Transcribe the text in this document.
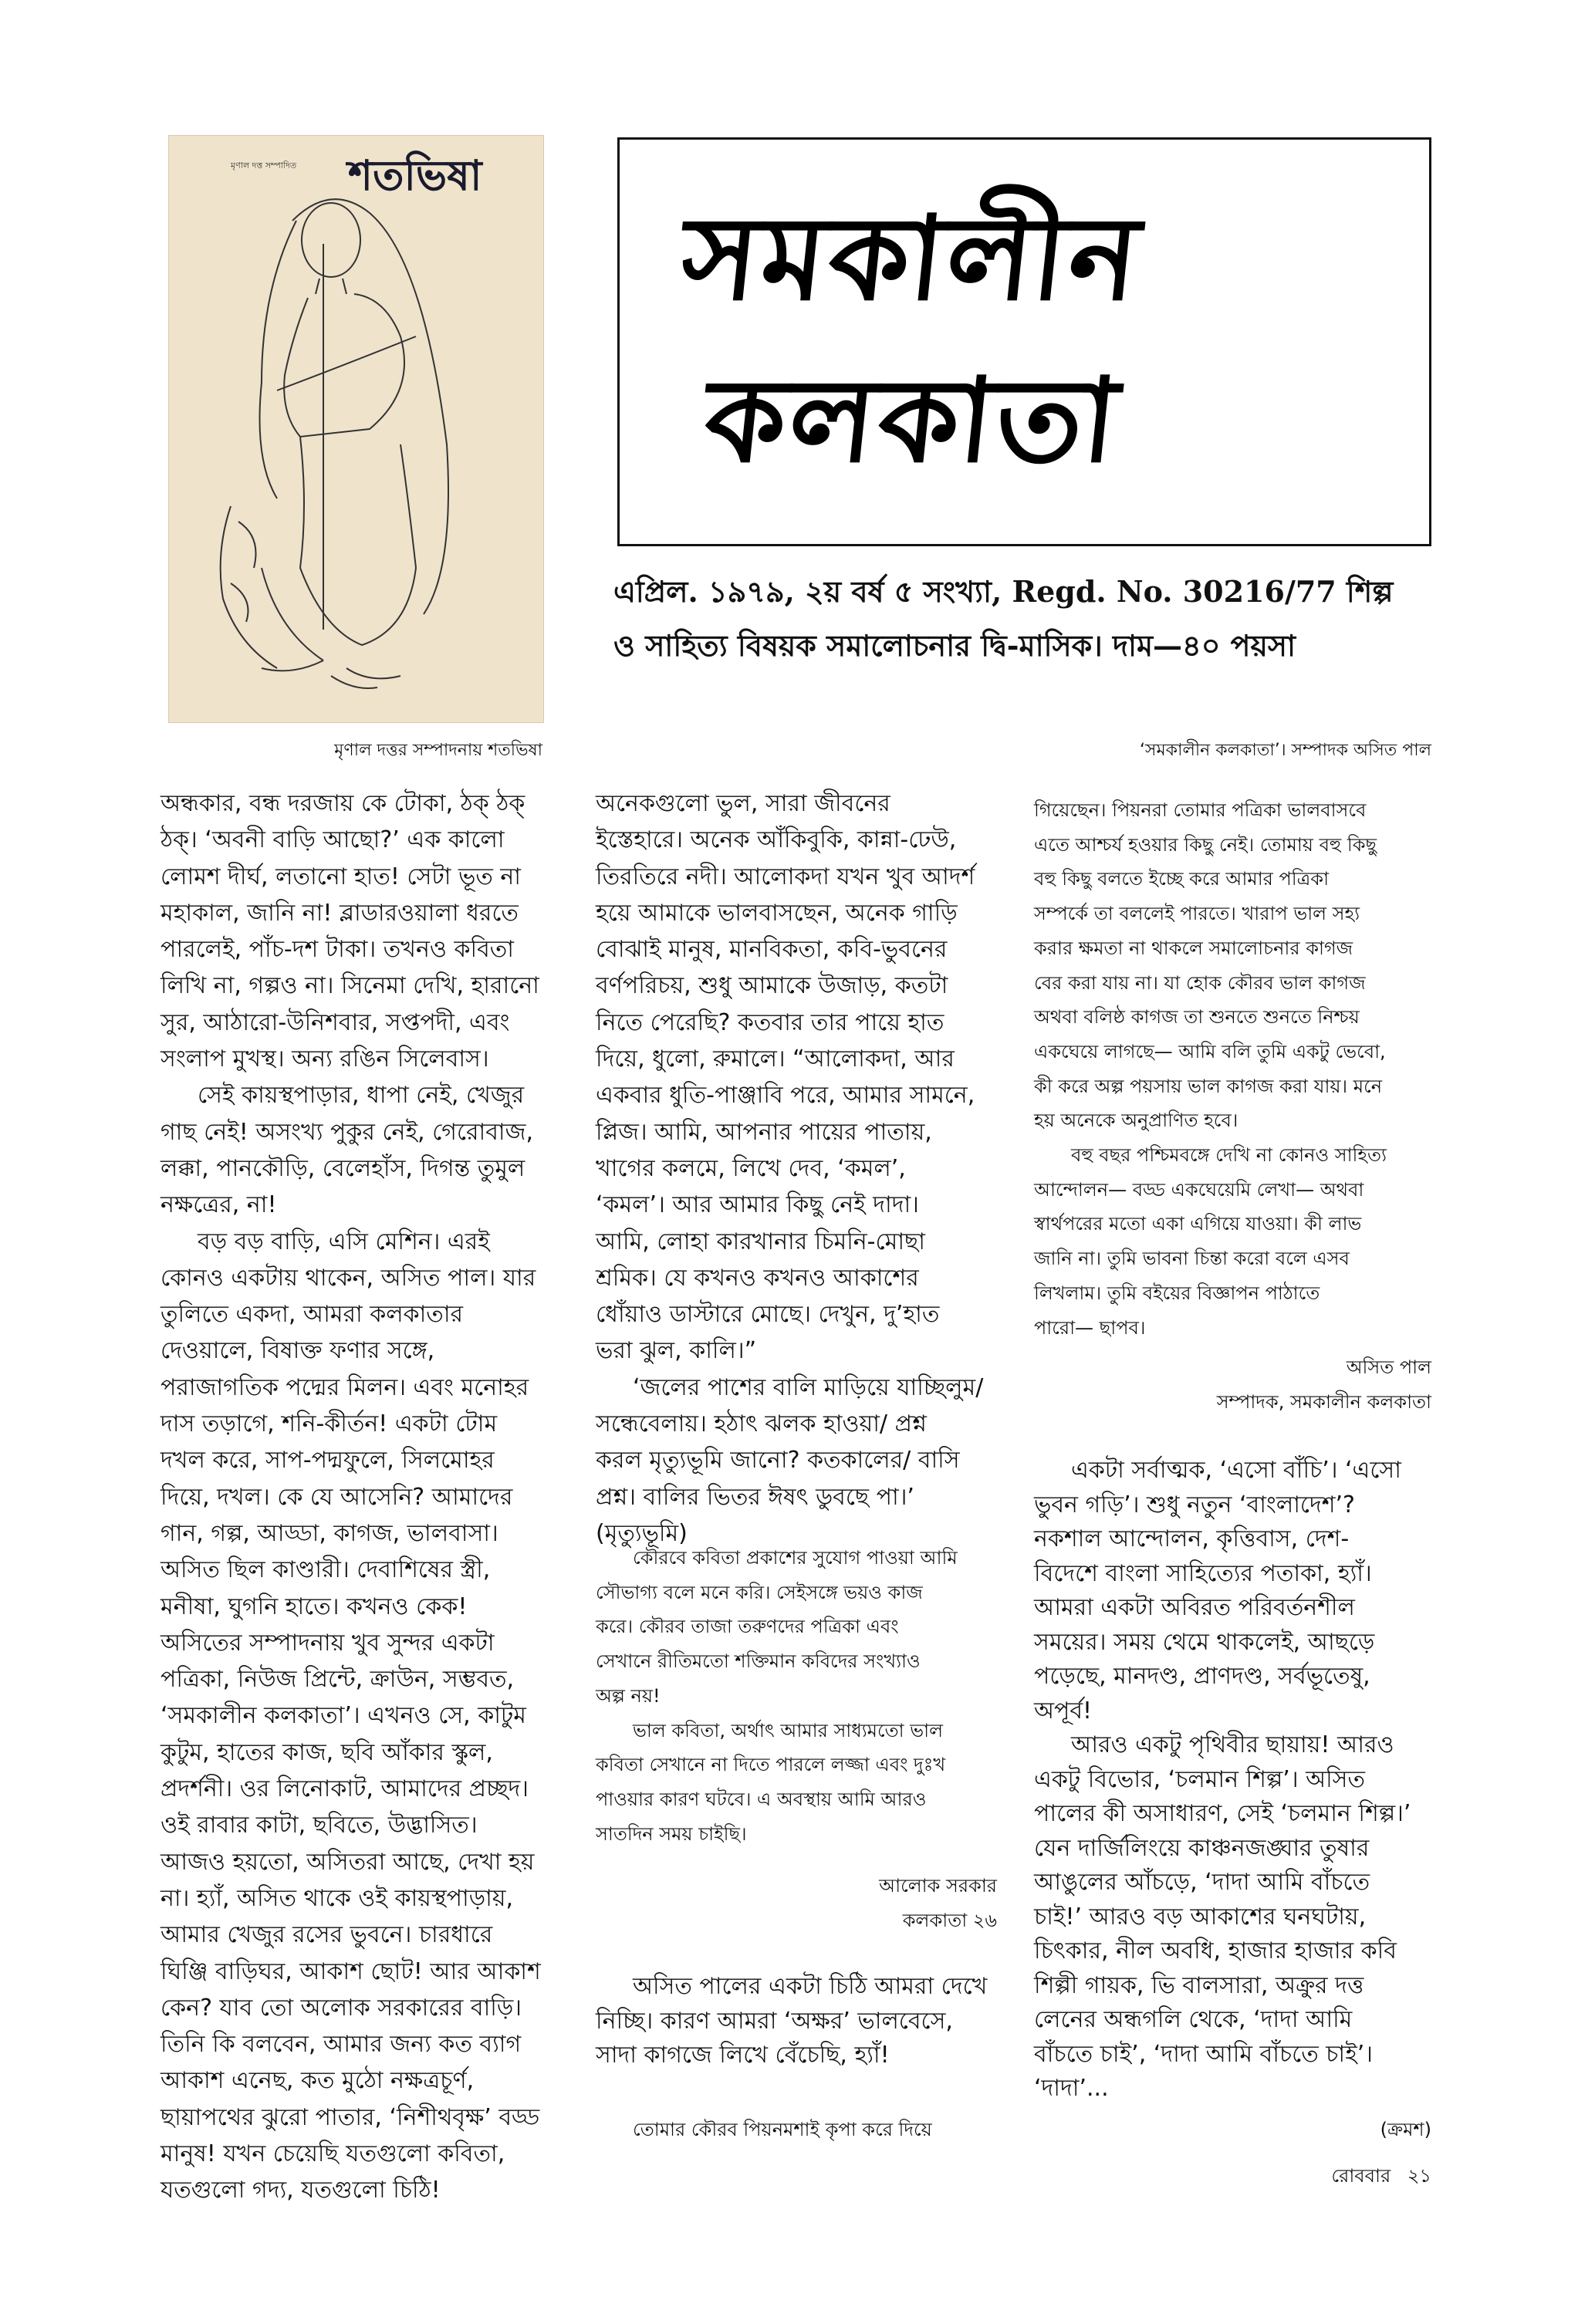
মৃণাল দত্ত সম্পাদিত শতভিষা
মৃণাল দত্তর সম্পাদনায় শতভিষা
সমকালীন
কলকাতা
এপ্রিল. ১৯৭৯, ২য় বর্ষ ৫ সংখ্যা, Regd. No. 30216/77 শিল্প
ও সাহিত্য বিষয়ক সমালোচনার দ্বি-মাসিক। দাম—৪০ পয়সা
‘সমকালীন কলকাতা’। সম্পাদক অসিত পাল
অন্ধকার, বন্ধ দরজায় কে টোকা, ঠক্ ঠক্
ঠক্। ‘অবনী বাড়ি আছো?’ এক কালো
লোমশ দীর্ঘ, লতানো হাত! সেটা ভূত না
মহাকাল, জানি না! ব্লাডারওয়ালা ধরতে
পারলেই, পাঁচ-দশ টাকা। তখনও কবিতা
লিখি না, গল্পও না। সিনেমা দেখি, হারানো
সুর, আঠারো-উনিশবার, সপ্তপদী, এবং
সংলাপ মুখস্থ। অন্য রঙিন সিলেবাস।
সেই কায়স্থপাড়ার, ধাপা নেই, খেজুর
গাছ নেই! অসংখ্য পুকুর নেই, গেরোবাজ,
লক্কা, পানকৌড়ি, বেলেহাঁস, দিগন্ত তুমুল
নক্ষত্রের, না!
বড় বড় বাড়ি, এসি মেশিন। এরই
কোনও একটায় থাকেন, অসিত পাল। যার
তুলিতে একদা, আমরা কলকাতার
দেওয়ালে, বিষাক্ত ফণার সঙ্গে,
পরাজাগতিক পদ্মের মিলন। এবং মনোহর
দাস তড়াগে, শনি-কীর্তন! একটা টোম
দখল করে, সাপ-পদ্মফুলে, সিলমোহর
দিয়ে, দখল। কে যে আসেনি? আমাদের
গান, গল্প, আড্ডা, কাগজ, ভালবাসা।
অসিত ছিল কাণ্ডারী। দেবাশিষের স্ত্রী,
মনীষা, ঘুগনি হাতে। কখনও কেক!
অসিতের সম্পাদনায় খুব সুন্দর একটা
পত্রিকা, নিউজ প্রিন্টে, ক্রাউন, সম্ভবত,
‘সমকালীন কলকাতা’। এখনও সে, কাটুম
কুটুম, হাতের কাজ, ছবি আঁকার স্কুল,
প্রদর্শনী। ওর লিনোকাট, আমাদের প্রচ্ছদ।
ওই রাবার কাটা, ছবিতে, উদ্ভাসিত।
আজও হয়তো, অসিতরা আছে, দেখা হয়
না। হ্যাঁ, অসিত থাকে ওই কায়স্থপাড়ায়,
আমার খেজুর রসের ভুবনে। চারধারে
ঘিঞ্জি বাড়িঘর, আকাশ ছোট! আর আকাশ
কেন? যাব তো অলোক সরকারের বাড়ি।
তিনি কি বলবেন, আমার জন্য কত ব্যাগ
আকাশ এনেছ, কত মুঠো নক্ষত্রচূর্ণ,
ছায়াপথের ঝুরো পাতার, ‘নিশীথবৃক্ষ’ বড্ড
মানুষ! যখন চেয়েছি যতগুলো কবিতা,
যতগুলো গদ্য, যতগুলো চিঠি!
অনেকগুলো ভুল, সারা জীবনের
ইস্তেহারে। অনেক আঁকিবুকি, কান্না-ঢেউ,
তিরতিরে নদী। আলোকদা যখন খুব আদর্শ
হয়ে আমাকে ভালবাসছেন, অনেক গাড়ি
বোঝাই মানুষ, মানবিকতা, কবি-ভুবনের
বর্ণপরিচয়, শুধু আমাকে উজাড়, কতটা
নিতে পেরেছি? কতবার তার পায়ে হাত
দিয়ে, ধুলো, রুমালে। “আলোকদা, আর
একবার ধুতি-পাঞ্জাবি পরে, আমার সামনে,
প্লিজ। আমি, আপনার পায়ের পাতায়,
খাগের কলমে, লিখে দেব, ‘কমল’,
‘কমল’। আর আমার কিছু নেই দাদা।
আমি, লোহা কারখানার চিমনি-মোছা
শ্রমিক। যে কখনও কখনও আকাশের
ধোঁয়াও ডাস্টারে মোছে। দেখুন, দু’হাত
ভরা ঝুল, কালি।”
‘জলের পাশের বালি মাড়িয়ে যাচ্ছিলুম/
সন্ধেবেলায়। হঠাৎ ঝলক হাওয়া/ প্রশ্ন
করল মৃত্যুভূমি জানো? কতকালের/ বাসি
প্রশ্ন। বালির ভিতর ঈষৎ ডুবছে পা।’
(মৃত্যুভূমি)
কৌরবে কবিতা প্রকাশের সুযোগ পাওয়া আমি
সৌভাগ্য বলে মনে করি। সেইসঙ্গে ভয়ও কাজ
করে। কৌরব তাজা তরুণদের পত্রিকা এবং
সেখানে রীতিমতো শক্তিমান কবিদের সংখ্যাও
অল্প নয়!
ভাল কবিতা, অর্থাৎ আমার সাধ্যমতো ভাল
কবিতা সেখানে না দিতে পারলে লজ্জা এবং দুঃখ
পাওয়ার কারণ ঘটবে। এ অবস্থায় আমি আরও
সাতদিন সময় চাইছি।
আলোক সরকার
কলকাতা ২৬
অসিত পালের একটা চিঠি আমরা দেখে
নিচ্ছি। কারণ আমরা ‘অক্ষর’ ভালবেসে,
সাদা কাগজে লিখে বেঁচেছি, হ্যাঁ!
তোমার কৌরব পিয়নমশাই কৃপা করে দিয়ে
গিয়েছেন। পিয়নরা তোমার পত্রিকা ভালবাসবে
এতে আশ্চর্য হওয়ার কিছু নেই। তোমায় বহু কিছু
বহু কিছু বলতে ইচ্ছে করে আমার পত্রিকা
সম্পর্কে তা বললেই পারতে। খারাপ ভাল সহ্য
করার ক্ষমতা না থাকলে সমালোচনার কাগজ
বের করা যায় না। যা হোক কৌরব ভাল কাগজ
অথবা বলিষ্ঠ কাগজ তা শুনতে শুনতে নিশ্চয়
একঘেয়ে লাগছে— আমি বলি তুমি একটু ভেবো,
কী করে অল্প পয়সায় ভাল কাগজ করা যায়। মনে
হয় অনেকে অনুপ্রাণিত হবে।
বহু বছর পশ্চিমবঙ্গে দেখি না কোনও সাহিত্য
আন্দোলন— বড্ড একঘেয়েমি লেখা— অথবা
স্বার্থপরের মতো একা এগিয়ে যাওয়া। কী লাভ
জানি না। তুমি ভাবনা চিন্তা করো বলে এসব
লিখলাম। তুমি বইয়ের বিজ্ঞাপন পাঠাতে
পারো— ছাপব।
অসিত পাল
সম্পাদক, সমকালীন কলকাতা
একটা সর্বাত্মক, ‘এসো বাঁচি’। ‘এসো
ভুবন গড়ি’। শুধু নতুন ‘বাংলাদেশ’?
নকশাল আন্দোলন, কৃত্তিবাস, দেশ-
বিদেশে বাংলা সাহিত্যের পতাকা, হ্যাঁ।
আমরা একটা অবিরত পরিবর্তনশীল
সময়ের। সময় থেমে থাকলেই, আছড়ে
পড়েছে, মানদণ্ড, প্রাণদণ্ড, সর্বভূতেষু,
অপূর্ব!
আরও একটু পৃথিবীর ছায়ায়! আরও
একটু বিভোর, ‘চলমান শিল্প’। অসিত
পালের কী অসাধারণ, সেই ‘চলমান শিল্প।’
যেন দার্জিলিংয়ে কাঞ্চনজঙ্ঘার তুষার
আঙুলের আঁচড়ে, ‘দাদা আমি বাঁচতে
চাই!’ আরও বড় আকাশের ঘনঘটায়,
চিৎকার, নীল অবধি, হাজার হাজার কবি
শিল্পী গায়ক, ভি বালসারা, অক্রুর দত্ত
লেনের অন্ধগলি থেকে, ‘দাদা আমি
বাঁচতে চাই’, ‘দাদা আমি বাঁচতে চাই’।
‘দাদা’...
(ক্রমশ)
রোববার ২১
